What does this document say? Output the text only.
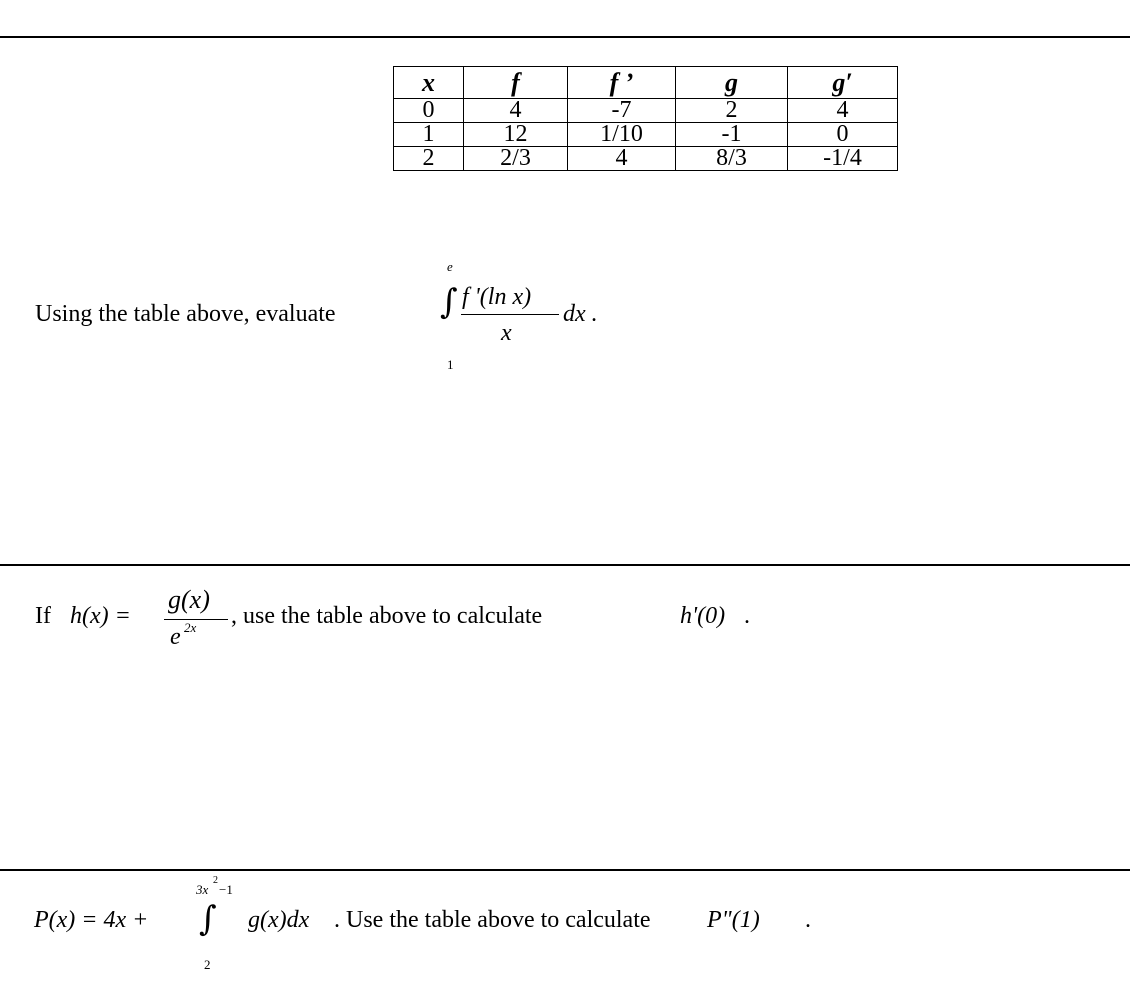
x	f	f ’	g	g′
0	4	-7	2	4
1	12	1/10	-1	0
2	2/3	4	8/3	-1/4
Using the table above, evaluate
e
∫
1
f '(ln x)
x
dx .
If h(x) =
g(x)
e 2x , use the table above to calculate	h'(0) .
P(x) = 4x +
3x
2
−1
∫
2
g(x)dx . Use the table above to calculate P"(1) .
